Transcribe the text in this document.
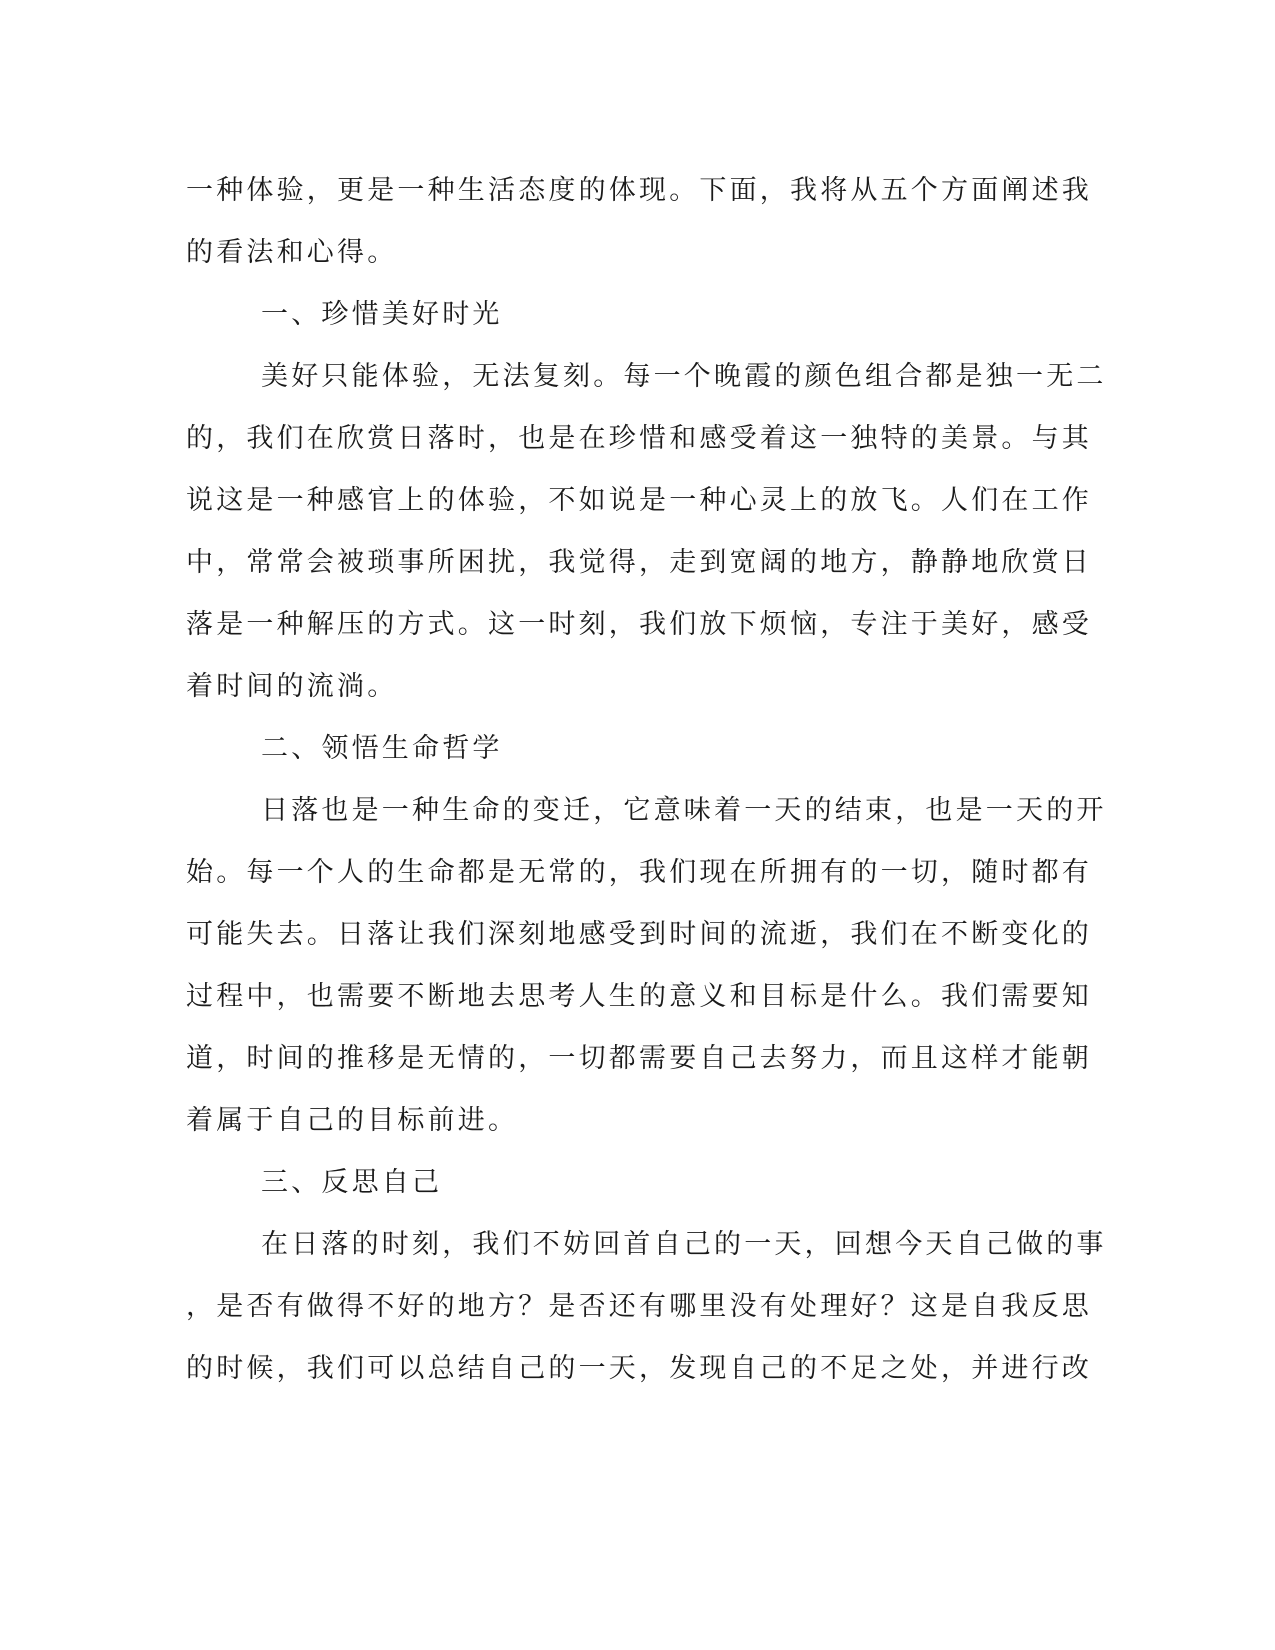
一种体验，更是一种生活态度的体现。下面，我将从五个方面阐述我
的看法和心得。
一、珍惜美好时光
美好只能体验，无法复刻。每一个晚霞的颜色组合都是独一无二
的，我们在欣赏日落时，也是在珍惜和感受着这一独特的美景。与其
说这是一种感官上的体验，不如说是一种心灵上的放飞。人们在工作
中，常常会被琐事所困扰，我觉得，走到宽阔的地方，静静地欣赏日
落是一种解压的方式。这一时刻，我们放下烦恼，专注于美好，感受
着时间的流淌。
二、领悟生命哲学
日落也是一种生命的变迁，它意味着一天的结束，也是一天的开
始。每一个人的生命都是无常的，我们现在所拥有的一切，随时都有
可能失去。日落让我们深刻地感受到时间的流逝，我们在不断变化的
过程中，也需要不断地去思考人生的意义和目标是什么。我们需要知
道，时间的推移是无情的，一切都需要自己去努力，而且这样才能朝
着属于自己的目标前进。
三、反思自己
在日落的时刻，我们不妨回首自己的一天，回想今天自己做的事
，是否有做得不好的地方？是否还有哪里没有处理好？这是自我反思
的时候，我们可以总结自己的一天，发现自己的不足之处，并进行改
